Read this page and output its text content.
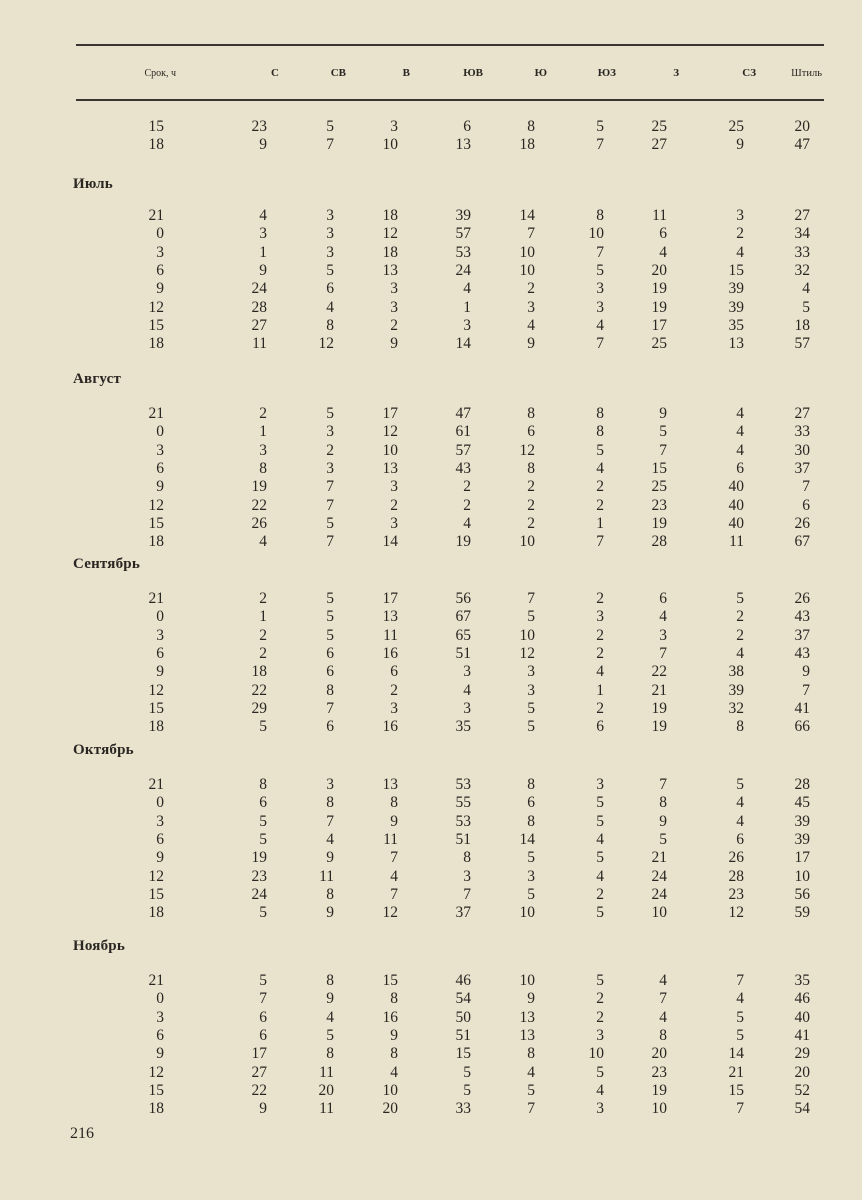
Срок, ч	С	СВ	В	ЮВ	Ю	ЮЗ	З	СЗ	Штиль
15	23	5	3	6	8	5	25	25	20
18	9	7	10	13	18	7	27	9	47
Июль
21	4	3	18	39	14	8	11	3	27
0	3	3	12	57	7	10	6	2	34
3	1	3	18	53	10	7	4	4	33
6	9	5	13	24	10	5	20	15	32
9	24	6	3	4	2	3	19	39	4
12	28	4	3	1	3	3	19	39	5
15	27	8	2	3	4	4	17	35	18
18	11	12	9	14	9	7	25	13	57
Август
21	2	5	17	47	8	8	9	4	27
0	1	3	12	61	6	8	5	4	33
3	3	2	10	57	12	5	7	4	30
6	8	3	13	43	8	4	15	6	37
9	19	7	3	2	2	2	25	40	7
12	22	7	2	2	2	2	23	40	6
15	26	5	3	4	2	1	19	40	26
18	4	7	14	19	10	7	28	11	67
Сентябрь
21	2	5	17	56	7	2	6	5	26
0	1	5	13	67	5	3	4	2	43
3	2	5	11	65	10	2	3	2	37
6	2	6	16	51	12	2	7	4	43
9	18	6	6	3	3	4	22	38	9
12	22	8	2	4	3	1	21	39	7
15	29	7	3	3	5	2	19	32	41
18	5	6	16	35	5	6	19	8	66
Октябрь
21	8	3	13	53	8	3	7	5	28
0	6	8	8	55	6	5	8	4	45
3	5	7	9	53	8	5	9	4	39
6	5	4	11	51	14	4	5	6	39
9	19	9	7	8	5	5	21	26	17
12	23	11	4	3	3	4	24	28	10
15	24	8	7	7	5	2	24	23	56
18	5	9	12	37	10	5	10	12	59
Ноябрь
21	5	8	15	46	10	5	4	7	35
0	7	9	8	54	9	2	7	4	46
3	6	4	16	50	13	2	4	5	40
6	6	5	9	51	13	3	8	5	41
9	17	8	8	15	8	10	20	14	29
12	27	11	4	5	4	5	23	21	20
15	22	20	10	5	5	4	19	15	52
18	9	11	20	33	7	3	10	7	54
216
